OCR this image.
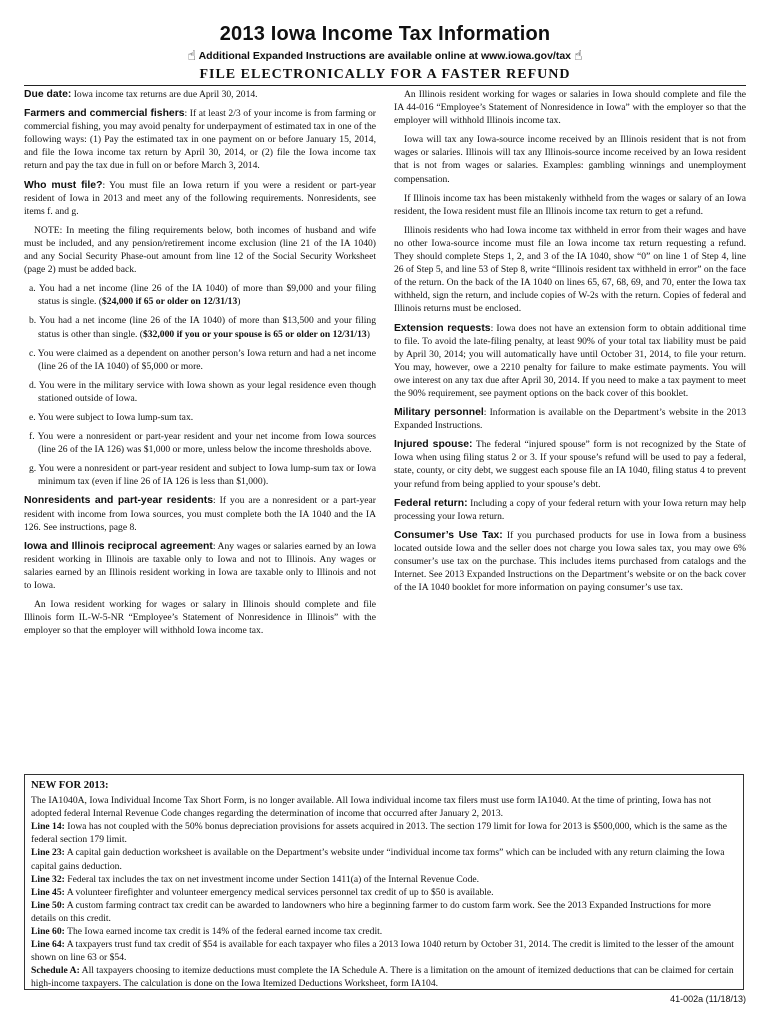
2013 Iowa Income Tax Information
☝ Additional Expanded Instructions are available online at www.iowa.gov/tax ☝
FILE ELECTRONICALLY FOR A FASTER REFUND

Due date: Iowa income tax returns are due April 30, 2014.

Farmers and commercial fishers: If at least 2/3 of your income is from farming or commercial fishing, you may avoid penalty for underpayment of estimated tax in one of the following ways: (1) Pay the estimated tax in one payment on or before January 15, 2014, and file the Iowa income tax return by April 30, 2014, or (2) file the Iowa income tax return and pay the tax due in full on or before March 3, 2014.

Who must file?: You must file an Iowa return if you were a resident or part-year resident of Iowa in 2013 and meet any of the following requirements. Nonresidents, see items f. and g.

NOTE: In meeting the filing requirements below, both incomes of husband and wife must be included, and any pension/retirement income exclusion (line 21 of the IA 1040) and any Social Security Phase-out amount from line 12 of the Social Security Worksheet (page 2) must be added back.

a. You had a net income (line 26 of the IA 1040) of more than $9,000 and your filing status is single. ($24,000 if 65 or older on 12/31/13)

b. You had a net income (line 26 of the IA 1040) of more than $13,500 and your filing status is other than single. ($32,000 if you or your spouse is 65 or older on 12/31/13)

c. You were claimed as a dependent on another person’s Iowa return and had a net income (line 26 of the IA 1040) of $5,000 or more.

d. You were in the military service with Iowa shown as your legal residence even though stationed outside of Iowa.

e. You were subject to Iowa lump-sum tax.

f. You were a nonresident or part-year resident and your net income from Iowa sources (line 26 of the IA 126) was $1,000 or more, unless below the income thresholds above.

g. You were a nonresident or part-year resident and subject to Iowa lump-sum tax or Iowa minimum tax (even if line 26 of IA 126 is less than $1,000).

Nonresidents and part-year residents: If you are a nonresident or a part-year resident with income from Iowa sources, you must complete both the IA 1040 and the IA 126. See instructions, page 8.

Iowa and Illinois reciprocal agreement: Any wages or salaries earned by an Iowa resident working in Illinois are taxable only to Iowa and not to Illinois. Any wages or salaries earned by an Illinois resident working in Iowa are taxable only to Illinois and not to Iowa.

An Iowa resident working for wages or salary in Illinois should complete and file Illinois form IL-W-5-NR “Employee’s Statement of Nonresidence in Illinois” with the employer so that the employer will withhold Iowa income tax.

An Illinois resident working for wages or salaries in Iowa should complete and file the IA 44-016 “Employee’s Statement of Nonresidence in Iowa” with the employer so that the employer will withhold Illinois income tax.

Iowa will tax any Iowa-source income received by an Illinois resident that is not from wages or salaries. Illinois will tax any Illinois-source income received by an Iowa resident that is not from wages or salaries. Examples: gambling winnings and unemployment compensation.

If Illinois income tax has been mistakenly withheld from the wages or salary of an Iowa resident, the Iowa resident must file an Illinois income tax return to get a refund.

Illinois residents who had Iowa income tax withheld in error from their wages and have no other Iowa-source income must file an Iowa income tax return requesting a refund. They should complete Steps 1, 2, and 3 of the IA 1040, show “0” on line 1 of Step 4, line 26 of Step 5, and line 53 of Step 8, write “Illinois resident tax withheld in error” on the face of the return. On the back of the IA 1040 on lines 65, 67, 68, 69, and 70, enter the Iowa tax withheld, sign the return, and include copies of W-2s with the return. Copies of federal and Illinois returns must be enclosed.

Extension requests: Iowa does not have an extension form to obtain additional time to file. To avoid the late-filing penalty, at least 90% of your total tax liability must be paid by April 30, 2014; you will automatically have until October 31, 2014, to file your return. You may, however, owe a 2210 penalty for failure to make estimate payments. You will owe interest on any tax due after April 30, 2014. If you need to make a tax payment to meet the 90% requirement, see payment options on the back cover of this booklet.

Military personnel: Information is available on the Department’s website in the 2013 Expanded Instructions.

Injured spouse: The federal “injured spouse” form is not recognized by the State of Iowa when using filing status 2 or 3. If your spouse’s refund will be used to pay a federal, state, county, or city debt, we suggest each spouse file an IA 1040, filing status 4 to prevent your refund from being applied to your spouse’s debt.

Federal return: Including a copy of your federal return with your Iowa return may help processing your Iowa return.

Consumer’s Use Tax: If you purchased products for use in Iowa from a business located outside Iowa and the seller does not charge you Iowa sales tax, you may owe 6% consumer’s use tax on the purchase. This includes items purchased from catalogs and the Internet. See 2013 Expanded Instructions on the Department’s website or on the back cover of the IA 1040 booklet for more information on paying consumer’s use tax.

NEW FOR 2013:

The IA1040A, Iowa Individual Income Tax Short Form, is no longer available. All Iowa individual income tax filers must use form IA1040. At the time of printing, Iowa has not adopted federal Internal Revenue Code changes regarding the determination of income that occurred after January 2, 2013.

Line 14: Iowa has not coupled with the 50% bonus depreciation provisions for assets acquired in 2013. The section 179 limit for Iowa for 2013 is $500,000, which is the same as the federal section 179 limit.

Line 23: A capital gain deduction worksheet is available on the Department’s website under “individual income tax forms” which can be included with any return claiming the Iowa capital gains deduction.

Line 32: Federal tax includes the tax on net investment income under Section 1411(a) of the Internal Revenue Code.

Line 45: A volunteer firefighter and volunteer emergency medical services personnel tax credit of up to $50 is available.

Line 50: A custom farming contract tax credit can be awarded to landowners who hire a beginning farmer to do custom farm work. See the 2013 Expanded Instructions for more details on this credit.

Line 60: The Iowa earned income tax credit is 14% of the federal earned income tax credit.

Line 64: A taxpayers trust fund tax credit of $54 is available for each taxpayer who files a 2013 Iowa 1040 return by October 31, 2014. The credit is limited to the lesser of the amount shown on line 63 or $54.

Schedule A: All taxpayers choosing to itemize deductions must complete the IA Schedule A. There is a limitation on the amount of itemized deductions that can be claimed for certain high-income taxpayers. The calculation is done on the Iowa Itemized Deductions Worksheet, form IA104.

41-002a (11/18/13)
